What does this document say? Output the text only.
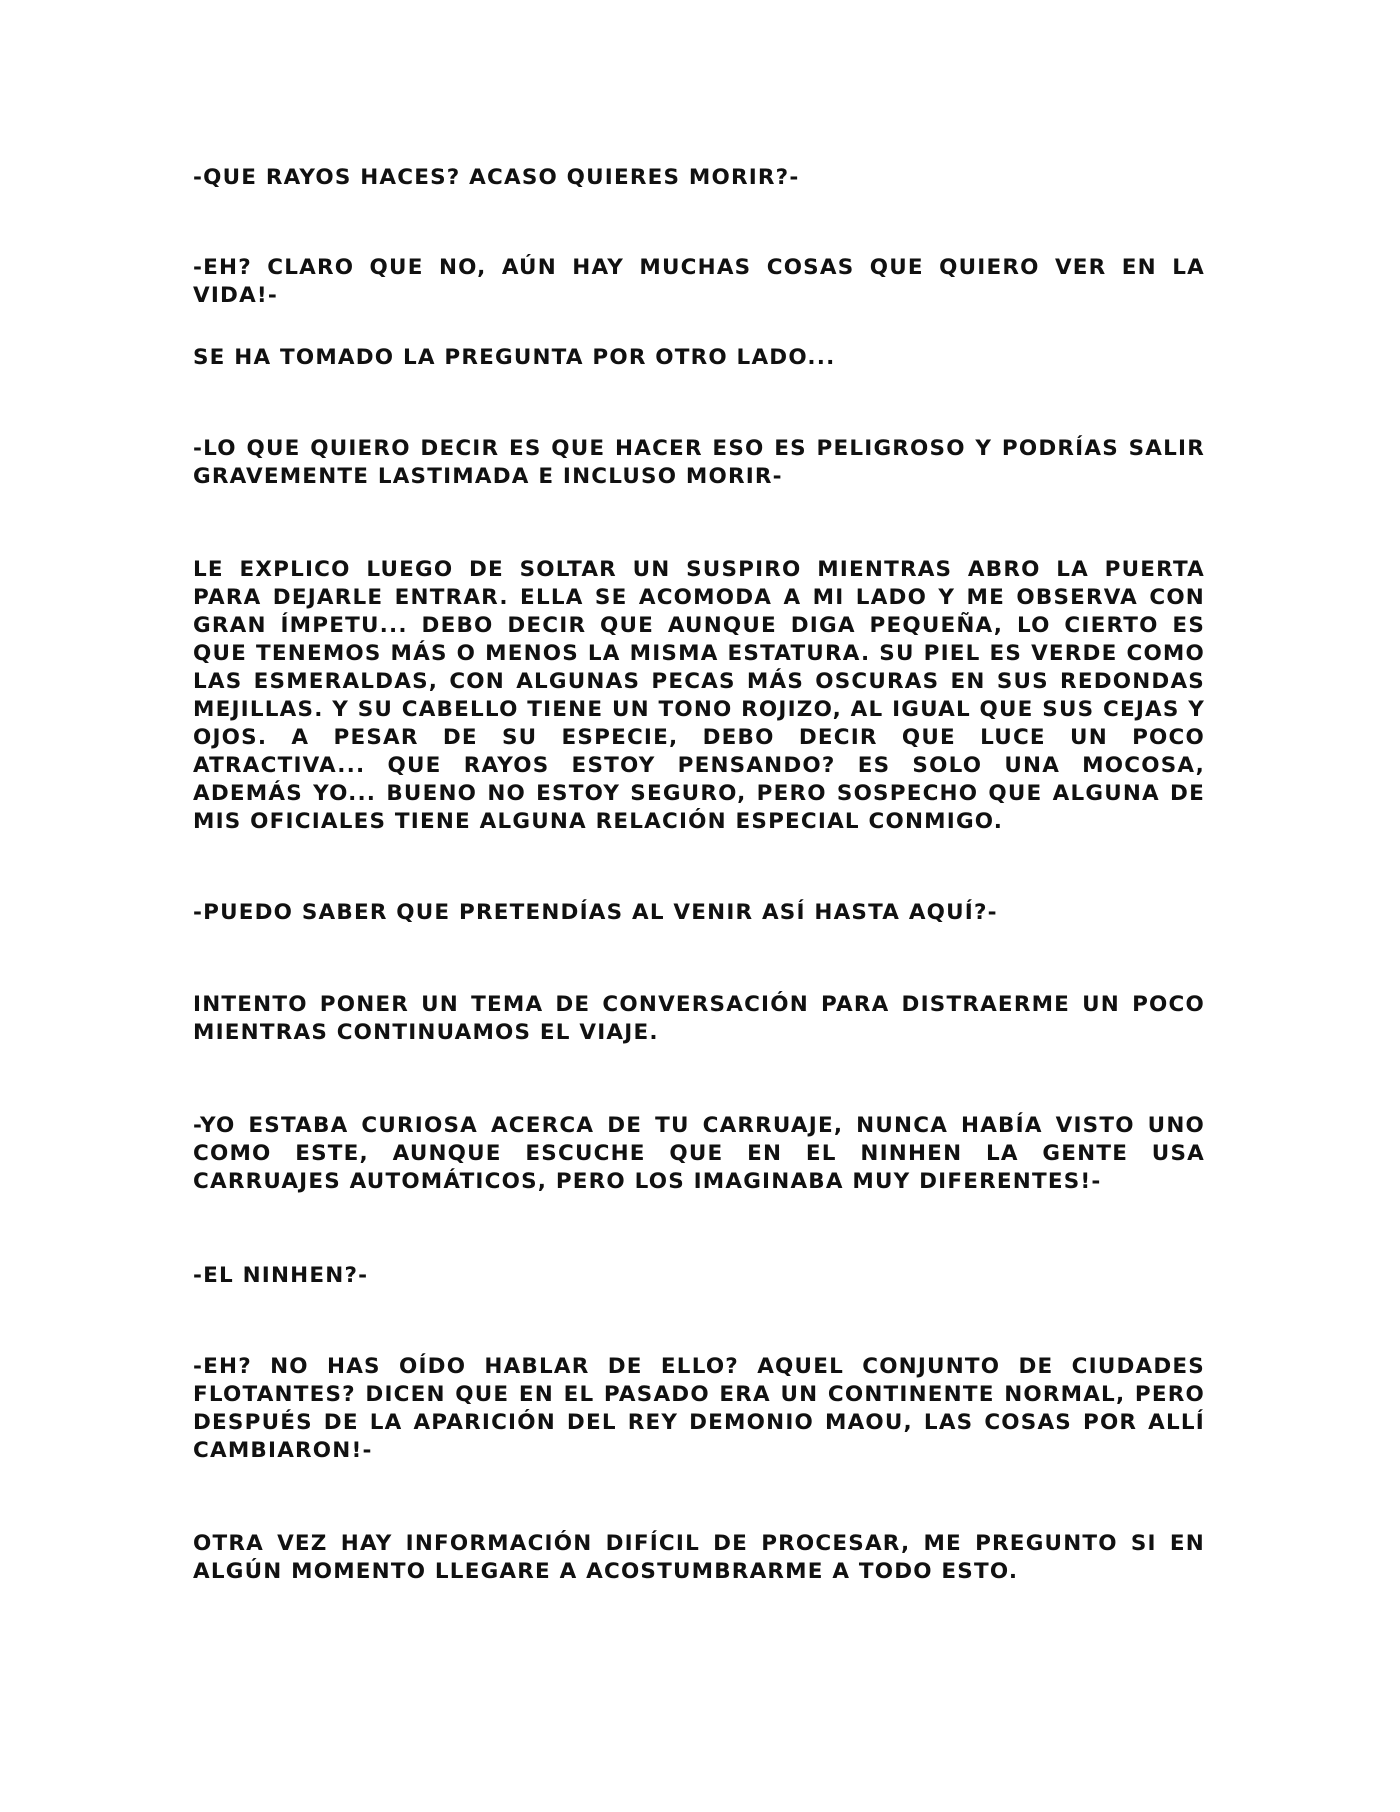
-QUE RAYOS HACES? ACASO QUIERES MORIR?-

-EH? CLARO QUE NO, AÚN HAY MUCHAS COSAS QUE QUIERO VER EN LA VIDA!-

SE HA TOMADO LA PREGUNTA POR OTRO LADO...

-LO QUE QUIERO DECIR ES QUE HACER ESO ES PELIGROSO Y PODRÍAS SALIR GRAVEMENTE LASTIMADA E INCLUSO MORIR-

LE EXPLICO LUEGO DE SOLTAR UN SUSPIRO MIENTRAS ABRO LA PUERTA PARA DEJARLE ENTRAR. ELLA SE ACOMODA A MI LADO Y ME OBSERVA CON GRAN ÍMPETU... DEBO DECIR QUE AUNQUE DIGA PEQUEÑA, LO CIERTO ES QUE TENEMOS MÁS O MENOS LA MISMA ESTATURA. SU PIEL ES VERDE COMO LAS ESMERALDAS, CON ALGUNAS PECAS MÁS OSCURAS EN SUS REDONDAS MEJILLAS. Y SU CABELLO TIENE UN TONO ROJIZO, AL IGUAL QUE SUS CEJAS Y OJOS. A PESAR DE SU ESPECIE, DEBO DECIR QUE LUCE UN POCO ATRACTIVA... QUE RAYOS ESTOY PENSANDO? ES SOLO UNA MOCOSA, ADEMÁS YO... BUENO NO ESTOY SEGURO, PERO SOSPECHO QUE ALGUNA DE MIS OFICIALES TIENE ALGUNA RELACIÓN ESPECIAL CONMIGO.

-PUEDO SABER QUE PRETENDÍAS AL VENIR ASÍ HASTA AQUÍ?-

INTENTO PONER UN TEMA DE CONVERSACIÓN PARA DISTRAERME UN POCO MIENTRAS CONTINUAMOS EL VIAJE.

-YO ESTABA CURIOSA ACERCA DE TU CARRUAJE, NUNCA HABÍA VISTO UNO COMO ESTE, AUNQUE ESCUCHE QUE EN EL NINHEN LA GENTE USA CARRUAJES AUTOMÁTICOS, PERO LOS IMAGINABA MUY DIFERENTES!-

-EL NINHEN?-

-EH? NO HAS OÍDO HABLAR DE ELLO? AQUEL CONJUNTO DE CIUDADES FLOTANTES? DICEN QUE EN EL PASADO ERA UN CONTINENTE NORMAL, PERO DESPUÉS DE LA APARICIÓN DEL REY DEMONIO MAOU, LAS COSAS POR ALLÍ CAMBIARON!-

OTRA VEZ HAY INFORMACIÓN DIFÍCIL DE PROCESAR, ME PREGUNTO SI EN ALGÚN MOMENTO LLEGARE A ACOSTUMBRARME A TODO ESTO.
